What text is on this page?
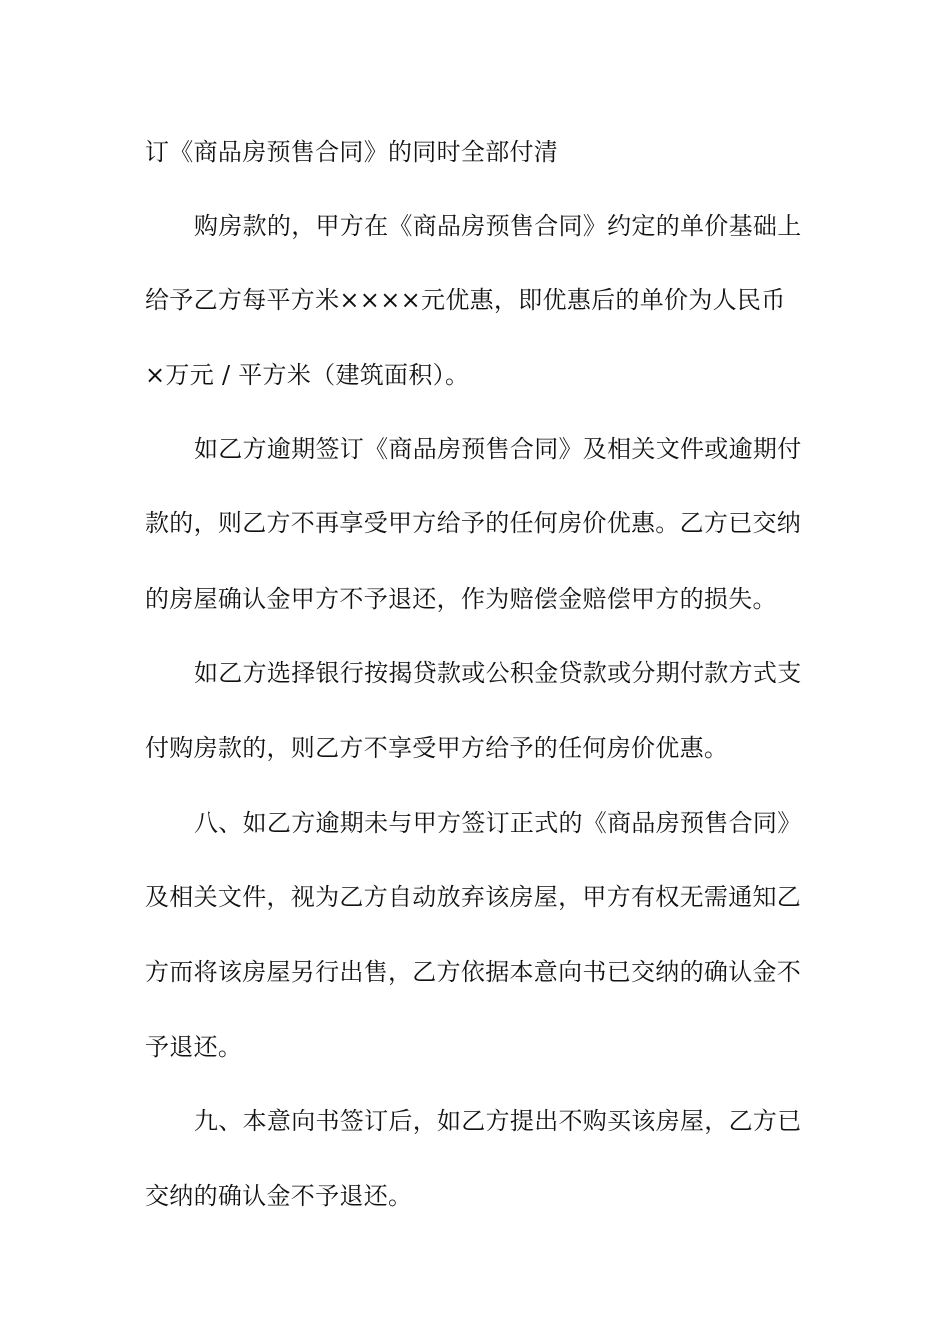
订《商品房预售合同》的同时全部付清
购房款的，甲方在《商品房预售合同》约定的单价基础上
给予乙方每平方米××××元优惠，即优惠后的单价为人民币
×万元 / 平方米（建筑面积）。
如乙方逾期签订《商品房预售合同》及相关文件或逾期付
款的，则乙方不再享受甲方给予的任何房价优惠。乙方已交纳
的房屋确认金甲方不予退还，作为赔偿金赔偿甲方的损失。
如乙方选择银行按揭贷款或公积金贷款或分期付款方式支
付购房款的，则乙方不享受甲方给予的任何房价优惠。
八、如乙方逾期未与甲方签订正式的《商品房预售合同》
及相关文件，视为乙方自动放弃该房屋，甲方有权无需通知乙
方而将该房屋另行出售，乙方依据本意向书已交纳的确认金不
予退还。
九、本意向书签订后，如乙方提出不购买该房屋，乙方已
交纳的确认金不予退还。
